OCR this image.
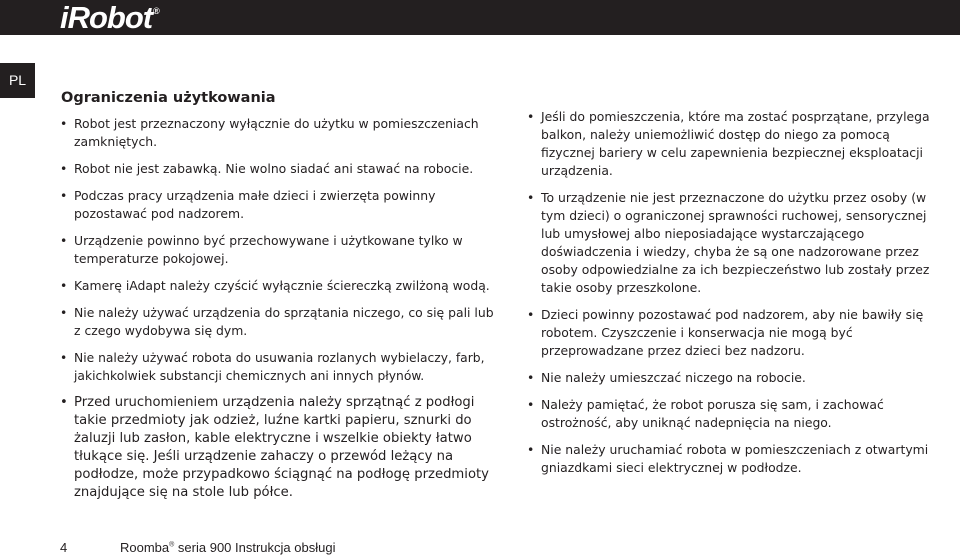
iRobot®
PL
Ograniczenia użytkowania
• Robot jest przeznaczony wyłącznie do użytku w pomieszczeniach zamkniętych.
• Robot nie jest zabawką. Nie wolno siadać ani stawać na robocie.
• Podczas pracy urządzenia małe dzieci i zwierzęta powinny pozostawać pod nadzorem.
• Urządzenie powinno być przechowywane i użytkowane tylko w temperaturze pokojowej.
• Kamerę iAdapt należy czyścić wyłącznie ściereczką zwilżoną wodą.
• Nie należy używać urządzenia do sprzątania niczego, co się pali lub z czego wydobywa się dym.
• Nie należy używać robota do usuwania rozlanych wybielaczy, farb, jakichkolwiek substancji chemicznych ani innych płynów.
• Przed uruchomieniem urządzenia należy sprzątnąć z podłogi takie przedmioty jak odzież, luźne kartki papieru, sznurki do żaluzji lub zasłon, kable elektryczne i wszelkie obiekty łatwo tłukące się. Jeśli urządzenie zahaczy o przewód leżący na podłodze, może przypadkowo ściągnąć na podłogę przedmioty znajdujące się na stole lub półce.
• Jeśli do pomieszczenia, które ma zostać posprzątane, przylega balkon, należy uniemożliwić dostęp do niego za pomocą fizycznej bariery w celu zapewnienia bezpiecznej eksploatacji urządzenia.
• To urządzenie nie jest przeznaczone do użytku przez osoby (w tym dzieci) o ograniczonej sprawności ruchowej, sensorycznej lub umysłowej albo nieposiadające wystarczającego doświadczenia i wiedzy, chyba że są one nadzorowane przez osoby odpowiedzialne za ich bezpieczeństwo lub zostały przez takie osoby przeszkolone.
• Dzieci powinny pozostawać pod nadzorem, aby nie bawiły się robotem. Czyszczenie i konserwacja nie mogą być przeprowadzane przez dzieci bez nadzoru.
• Nie należy umieszczać niczego na robocie.
• Należy pamiętać, że robot porusza się sam, i zachować ostrożność, aby uniknąć nadepnięcia na niego.
• Nie należy uruchamiać robota w pomieszczeniach z otwartymi gniazdkami sieci elektrycznej w podłodze.
4	Roomba® seria 900 Instrukcja obsługi
